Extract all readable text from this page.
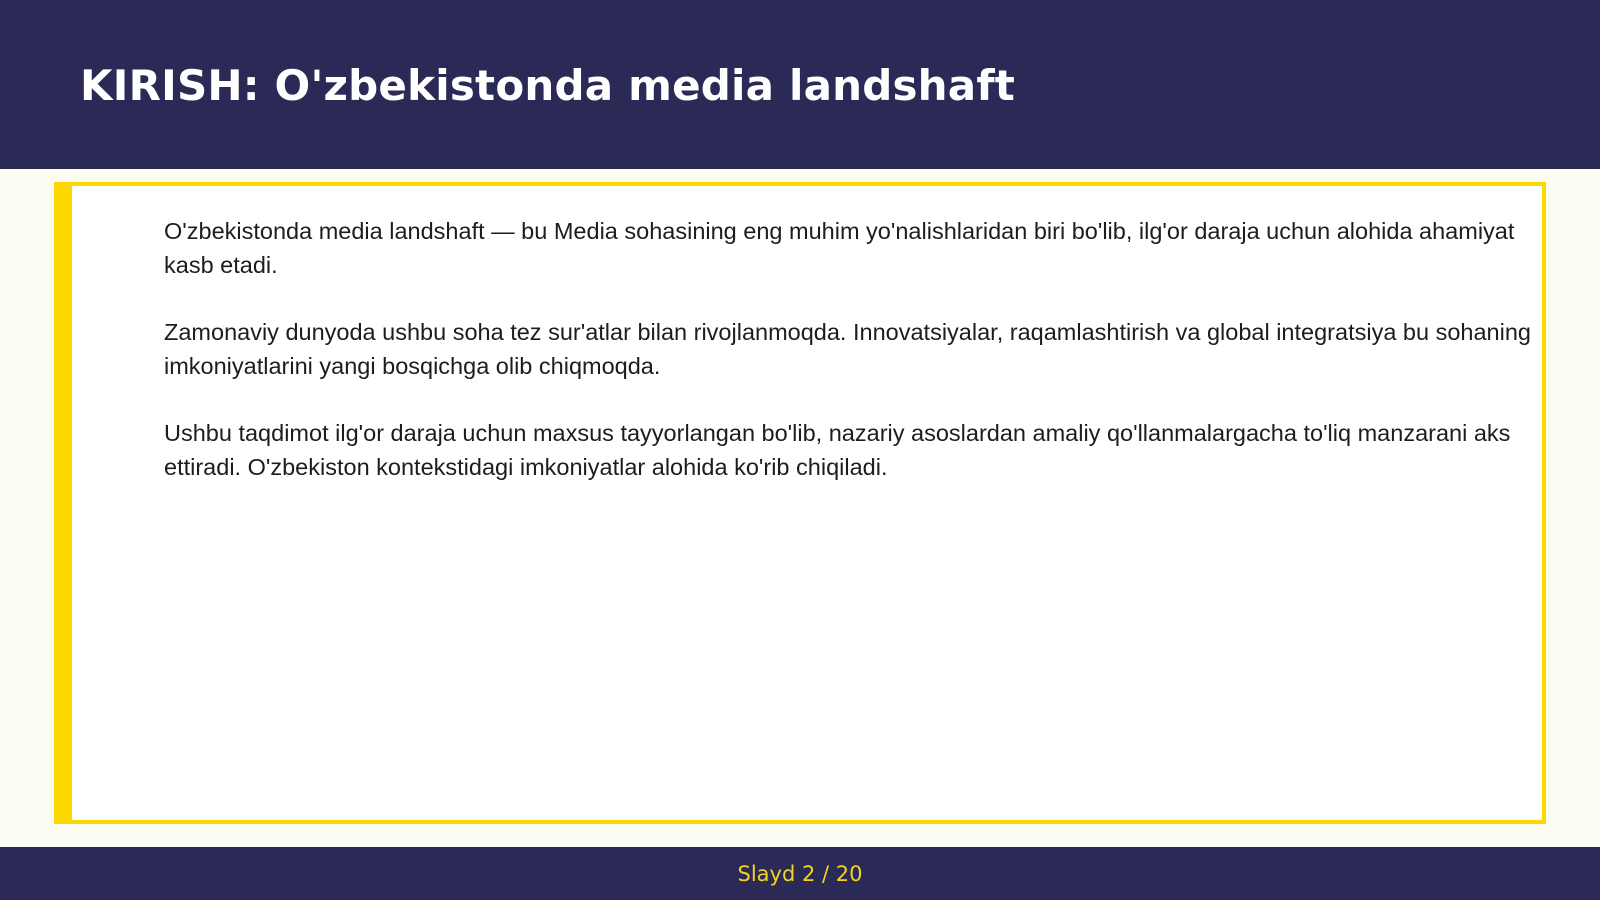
KIRISH: O'zbekistonda media landshaft

O'zbekistonda media landshaft — bu Media sohasining eng muhim yo'nalishlaridan biri bo'lib, ilg'or daraja uchun alohida ahamiyat kasb etadi.

Zamonaviy dunyoda ushbu soha tez sur'atlar bilan rivojlanmoqda. Innovatsiyalar, raqamlashtirish va global integratsiya bu sohaning imkoniyatlarini yangi bosqichga olib chiqmoqda.

Ushbu taqdimot ilg'or daraja uchun maxsus tayyorlangan bo'lib, nazariy asoslardan amaliy qo'llanmalargacha to'liq manzarani aks ettiradi. O'zbekiston kontekstidagi imkoniyatlar alohida ko'rib chiqiladi.

Slayd 2 / 20
